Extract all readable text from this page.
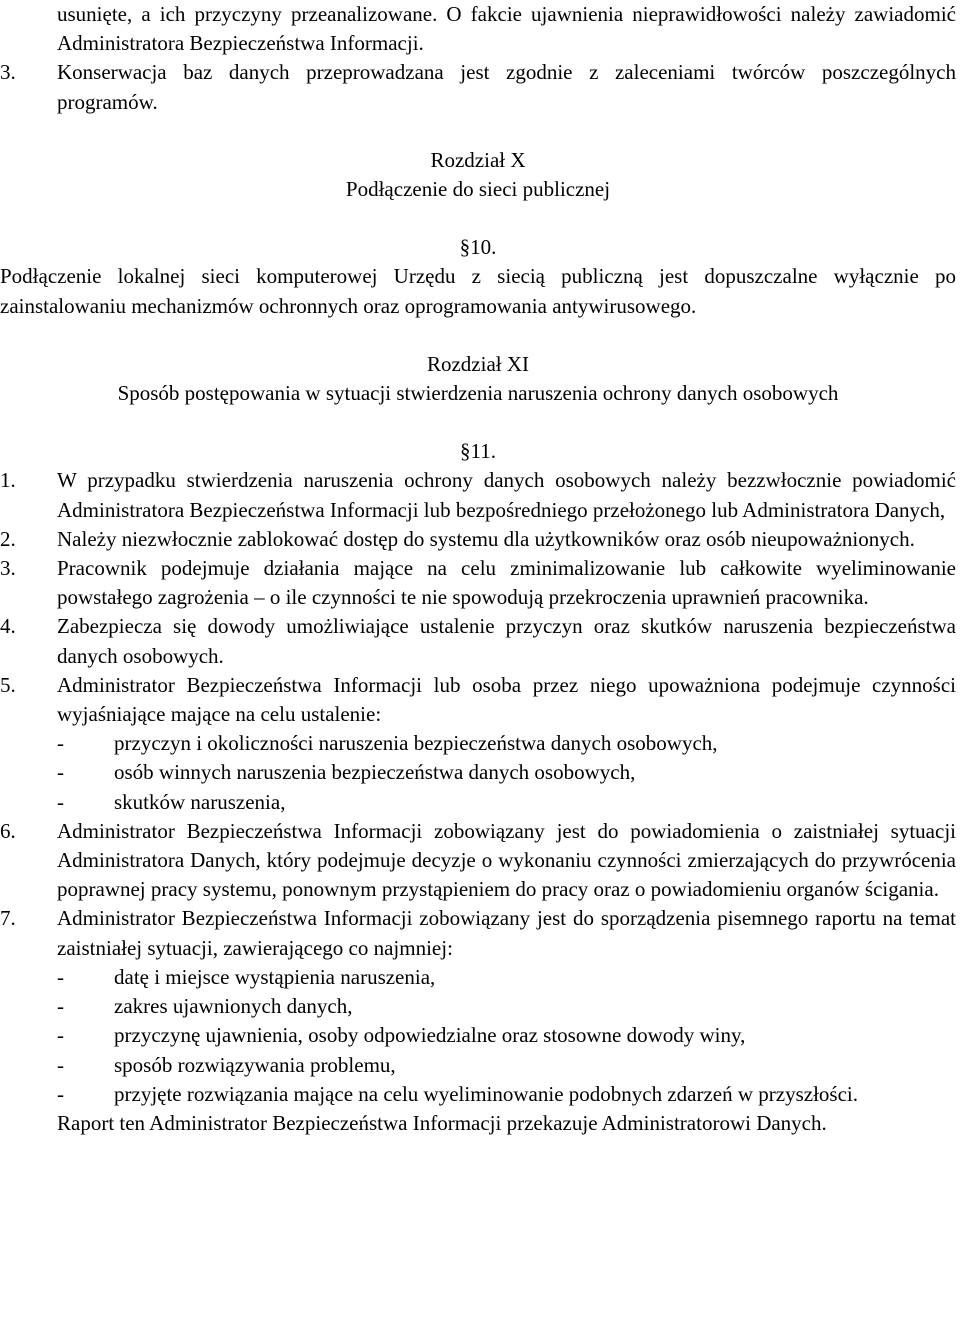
usunięte, a ich przyczyny przeanalizowane. O fakcie ujawnienia nieprawidłowości należy zawiadomić Administratora Bezpieczeństwa Informacji.

3.	Konserwacja baz danych przeprowadzana jest zgodnie z zaleceniami twórców poszczególnych programów.

Rozdział X

Podłączenie do sieci publicznej

§10.

Podłączenie lokalnej sieci komputerowej Urzędu z siecią publiczną jest dopuszczalne wyłącznie po zainstalowaniu mechanizmów ochronnych oraz oprogramowania antywirusowego.

Rozdział XI

Sposób postępowania w sytuacji stwierdzenia naruszenia ochrony danych osobowych

§11.

1.	W przypadku stwierdzenia naruszenia ochrony danych osobowych należy bezzwłocznie powiadomić Administratora Bezpieczeństwa Informacji lub bezpośredniego przełożonego lub Administratora Danych,
2.	Należy niezwłocznie zablokować dostęp do systemu dla użytkowników oraz osób nieupoważnionych.
3.	Pracownik podejmuje działania mające na celu zminimalizowanie lub całkowite wyeliminowanie powstałego zagrożenia – o ile czynności te nie spowodują przekroczenia uprawnień pracownika.
4.	Zabezpiecza się dowody umożliwiające ustalenie przyczyn oraz skutków naruszenia bezpieczeństwa danych osobowych.
5.	Administrator Bezpieczeństwa Informacji lub osoba przez niego upoważniona podejmuje czynności wyjaśniające mające na celu ustalenie:
-	przyczyn i okoliczności naruszenia bezpieczeństwa danych osobowych,
-	osób winnych naruszenia bezpieczeństwa danych osobowych,
-	skutków naruszenia,
6.	Administrator Bezpieczeństwa Informacji zobowiązany jest do powiadomienia o zaistniałej sytuacji Administratora Danych, który podejmuje decyzje o wykonaniu czynności zmierzających do przywrócenia poprawnej pracy systemu, ponownym przystąpieniem do pracy oraz o powiadomieniu organów ścigania.
7.	Administrator Bezpieczeństwa Informacji zobowiązany jest do sporządzenia pisemnego raportu na temat zaistniałej sytuacji, zawierającego co najmniej:
-	datę i miejsce wystąpienia naruszenia,
-	zakres ujawnionych danych,
-	przyczynę ujawnienia, osoby odpowiedzialne oraz stosowne dowody winy,
-	sposób rozwiązywania problemu,
-	przyjęte rozwiązania mające na celu wyeliminowanie podobnych zdarzeń w przyszłości.

Raport ten Administrator Bezpieczeństwa Informacji przekazuje Administratorowi Danych.
